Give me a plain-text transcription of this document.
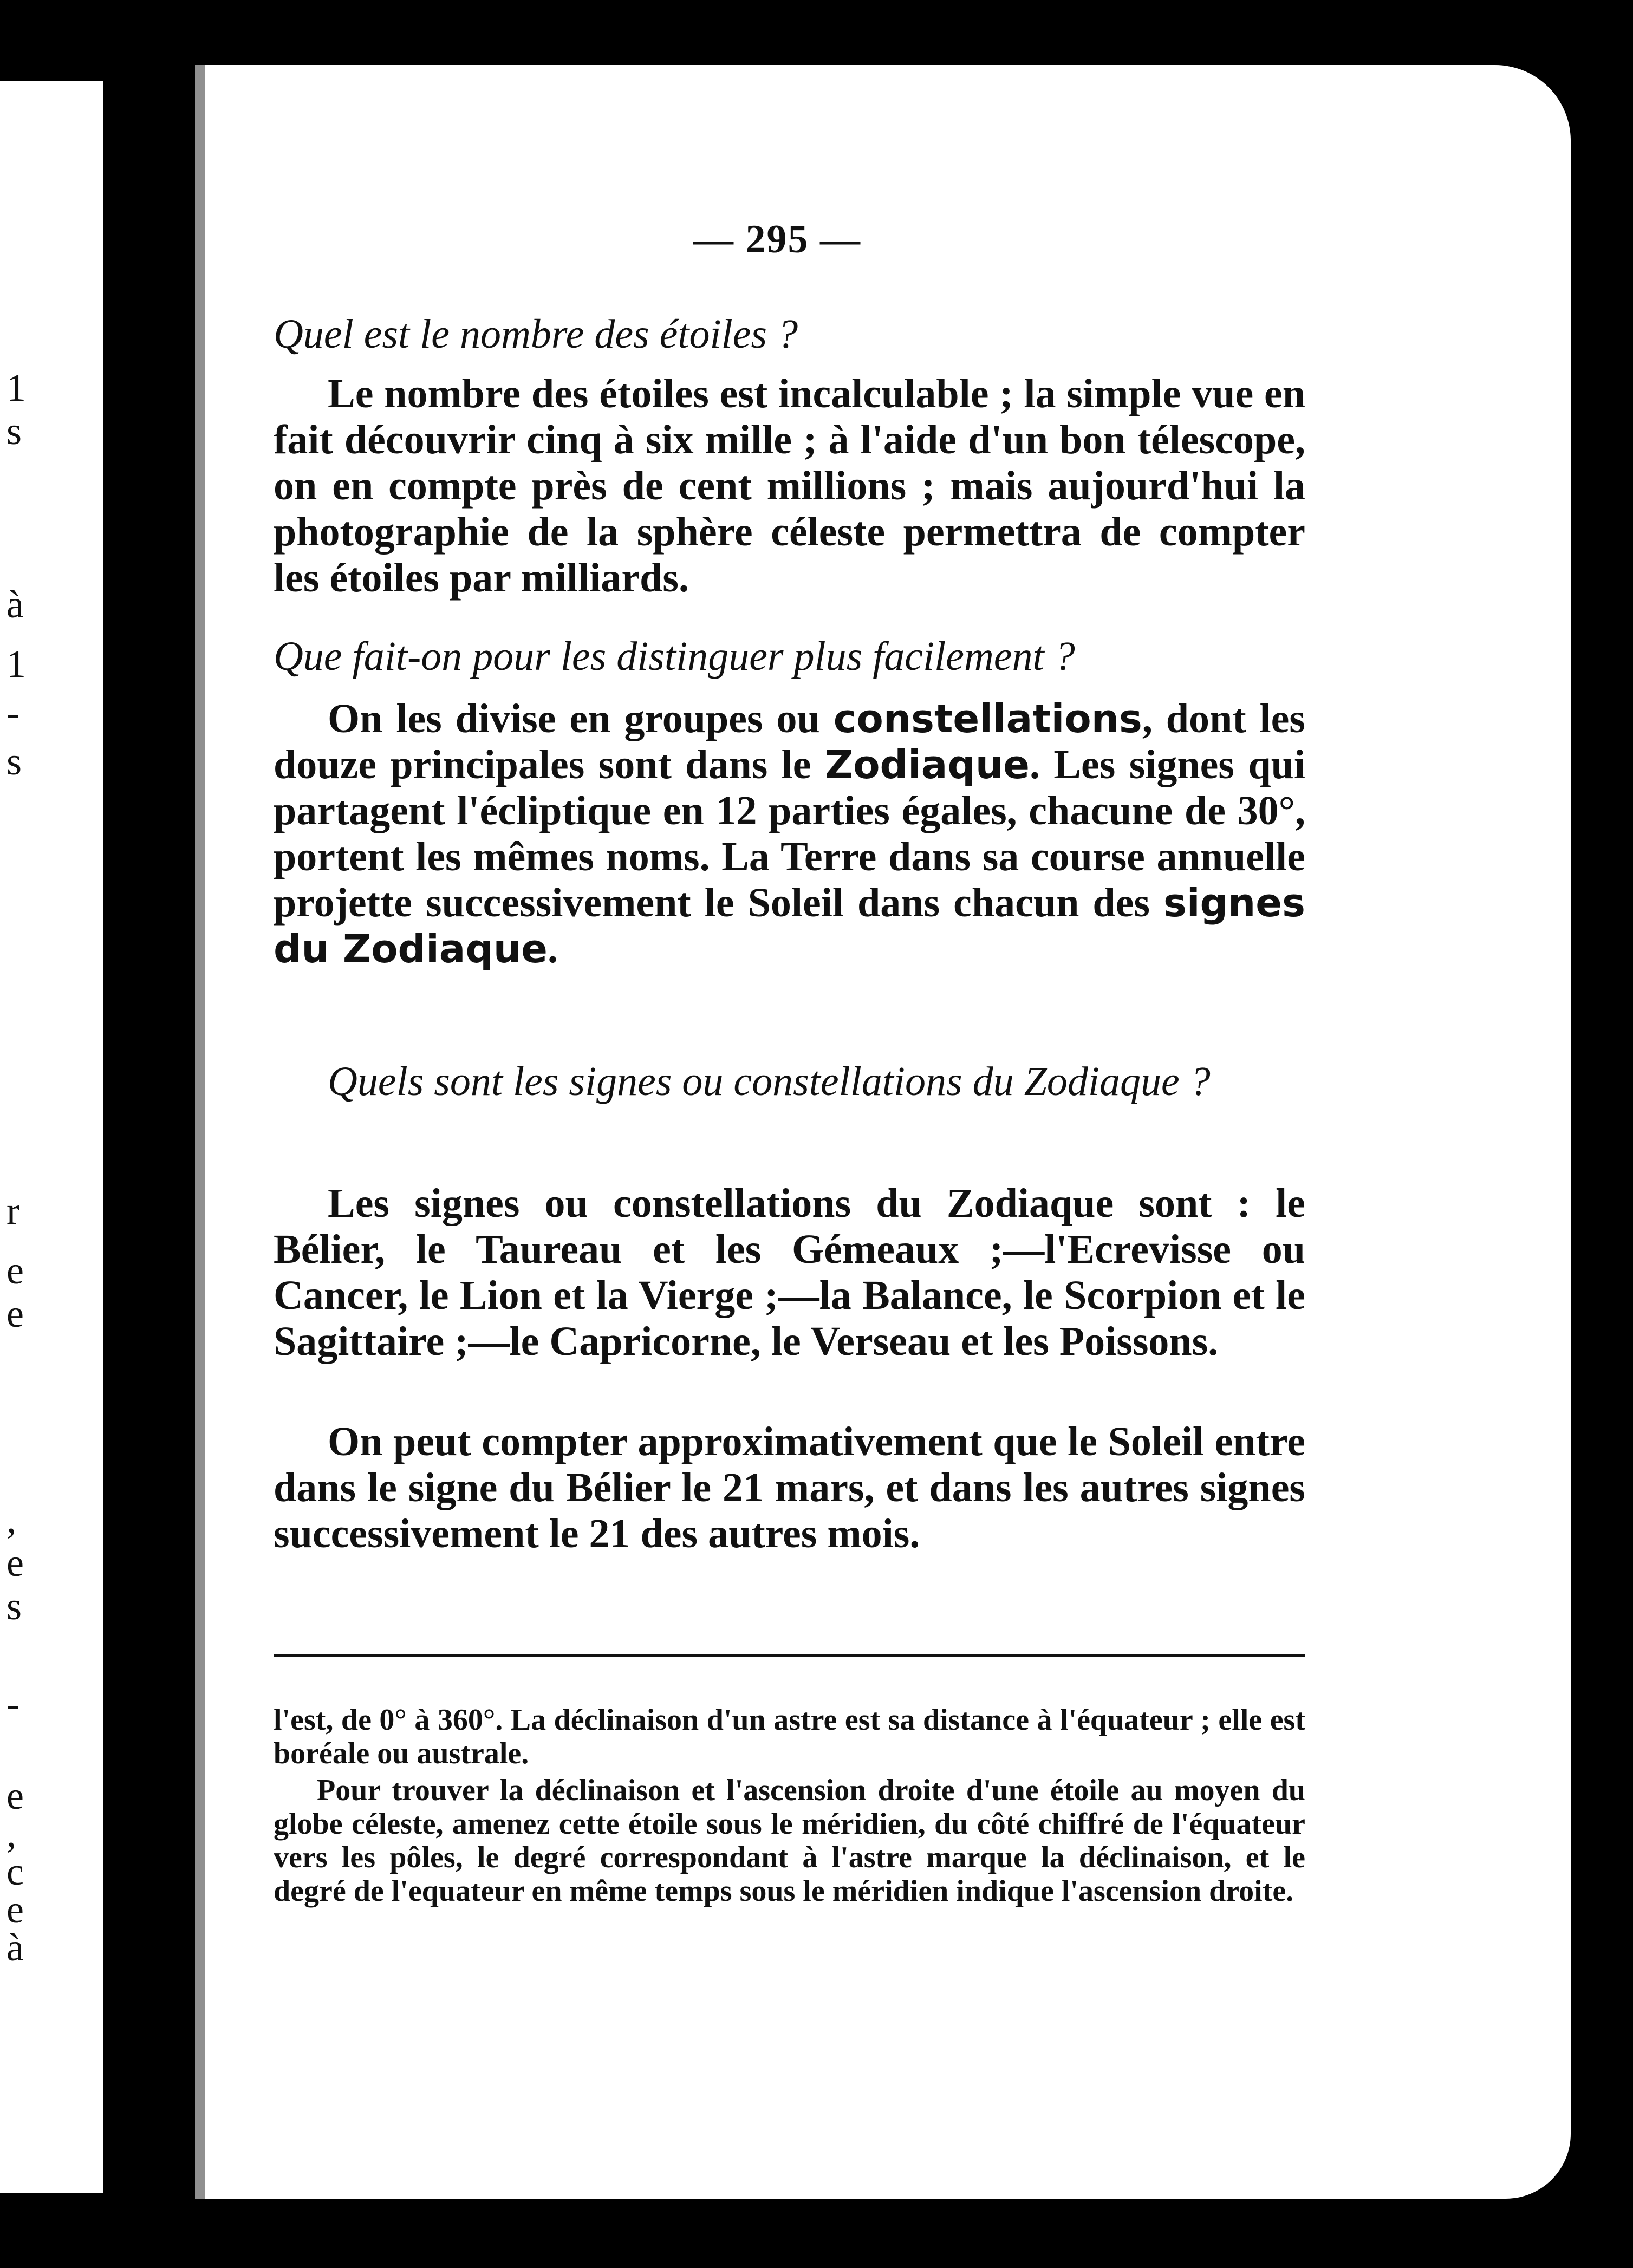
1
s
à
1
-
s
r
e
e
,
e
s
-
e
,
c
e
à
— 295 —
Quel est le nombre des étoiles ?

Le nombre des étoiles est incalculable ; la simple vue en fait découvrir cinq à six mille ; à l'aide d'un bon télescope, on en compte près de cent millions ; mais aujourd'hui la photographie de la sphère céleste permettra de compter les étoiles par milliards.

Que fait-on pour les distinguer plus facilement ?

On les divise en groupes ou constellations, dont les douze principales sont dans le Zodiaque. Les signes qui partagent l'écliptique en 12 parties égales, chacune de 30°, portent les mêmes noms. La Terre dans sa course annuelle projette successivement le Soleil dans chacun des signes du Zodiaque.

Quels sont les signes ou constellations du Zodiaque ?

Les signes ou constellations du Zodiaque sont : le Bélier, le Taureau et les Gémeaux ;—l'Ecrevisse ou Cancer, le Lion et la Vierge ;—la Balance, le Scorpion et le Sagittaire ;—le Capricorne, le Verseau et les Poissons.

On peut compter approximativement que le Soleil entre dans le signe du Bélier le 21 mars, et dans les autres signes successivement le 21 des autres mois.

l'est, de 0° à 360°. La déclinaison d'un astre est sa distance à l'équateur ; elle est boréale ou australe.
Pour trouver la déclinaison et l'ascension droite d'une étoile au moyen du globe céleste, amenez cette étoile sous le méridien, du côté chiffré de l'équateur vers les pôles, le degré correspondant à l'astre marque la déclinaison, et le degré de l'equateur en même temps sous le méridien indique l'ascension droite.
